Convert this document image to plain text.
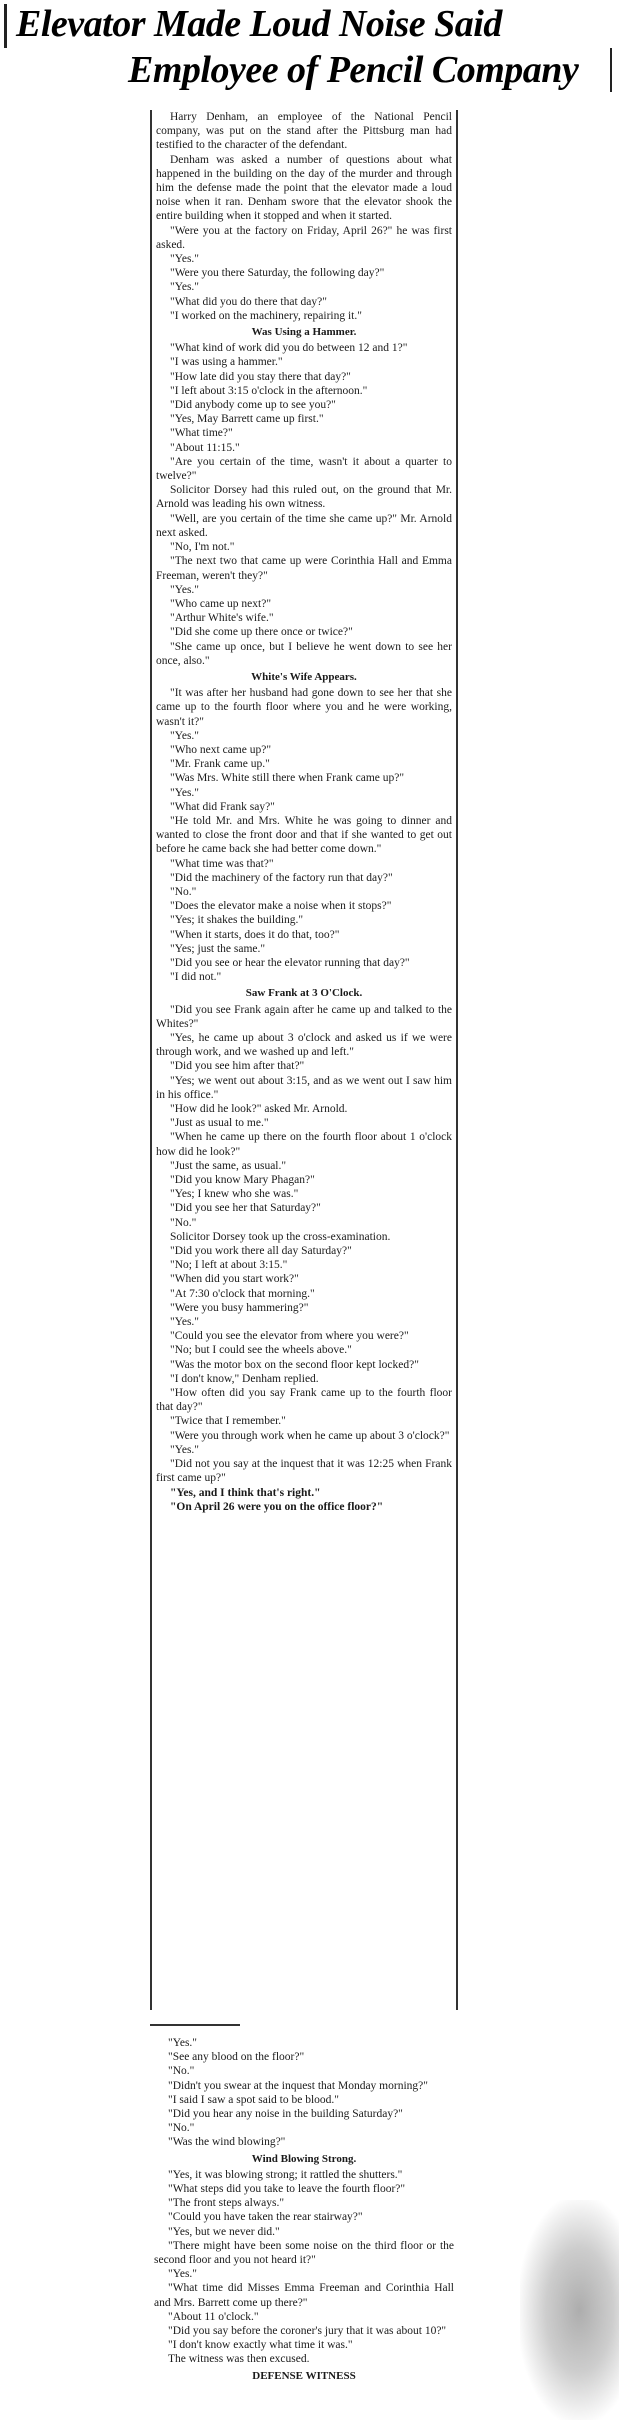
Elevator Made Loud Noise Said
Employee of Pencil Company

Harry Denham, an employee of the National Pencil company, was put on the stand after the Pittsburg man had testified to the character of the defendant.

Denham was asked a number of questions about what happened in the building on the day of the murder and through him the defense made the point that the elevator made a loud noise when it ran. Denham swore that the elevator shook the entire building when it stopped and when it started.

"Were you at the factory on Friday, April 26?" he was first asked.

"Yes."

"Were you there Saturday, the following day?"

"Yes."

"What did you do there that day?"

"I worked on the machinery, repairing it."

Was Using a Hammer.

"What kind of work did you do between 12 and 1?"

"I was using a hammer."

"How late did you stay there that day?"

"I left about 3:15 o'clock in the afternoon."

"Did anybody come up to see you?"

"Yes, May Barrett came up first."

"What time?"

"About 11:15."

"Are you certain of the time, wasn't it about a quarter to twelve?"

Solicitor Dorsey had this ruled out, on the ground that Mr. Arnold was leading his own witness.

"Well, are you certain of the time she came up?" Mr. Arnold next asked.

"No, I'm not."

"The next two that came up were Corinthia Hall and Emma Freeman, weren't they?"

"Yes."

"Who came up next?"

"Arthur White's wife."

"Did she come up there once or twice?"

"She came up once, but I believe he went down to see her once, also."

White's Wife Appears.

"It was after her husband had gone down to see her that she came up to the fourth floor where you and he were working, wasn't it?"

"Yes."

"Who next came up?"

"Mr. Frank came up."

"Was Mrs. White still there when Frank came up?"

"Yes."

"What did Frank say?"

"He told Mr. and Mrs. White he was going to dinner and wanted to close the front door and that if she wanted to get out before he came back she had better come down."

"What time was that?"

"Did the machinery of the factory run that day?"

"No."

"Does the elevator make a noise when it stops?"

"Yes; it shakes the building."

"When it starts, does it do that, too?"

"Yes; just the same."

"Did you see or hear the elevator running that day?"

"I did not."

Saw Frank at 3 O'Clock.

"Did you see Frank again after he came up and talked to the Whites?"

"Yes, he came up about 3 o'clock and asked us if we were through work, and we washed up and left."

"Did you see him after that?"

"Yes; we went out about 3:15, and as we went out I saw him in his office."

"How did he look?" asked Mr. Arnold.

"Just as usual to me."

"When he came up there on the fourth floor about 1 o'clock how did he look?"

"Just the same, as usual."

"Did you know Mary Phagan?"

"Yes; I knew who she was."

"Did you see her that Saturday?"

"No."

Solicitor Dorsey took up the cross-examination.

"Did you work there all day Saturday?"

"No; I left at about 3:15."

"When did you start work?"

"At 7:30 o'clock that morning."

"Were you busy hammering?"

"Yes."

"Could you see the elevator from where you were?"

"No; but I could see the wheels above."

"Was the motor box on the second floor kept locked?"

"I don't know," Denham replied.

"How often did you say Frank came up to the fourth floor that day?"

"Twice that I remember."

"Were you through work when he came up about 3 o'clock?"

"Yes."

"Did not you say at the inquest that it was 12:25 when Frank first came up?"

"Yes, and I think that's right."

"On April 26 were you on the office floor?"

"Yes."

"See any blood on the floor?"

"No."

"Didn't you swear at the inquest that Monday morning?"

"I said I saw a spot said to be blood."

"Did you hear any noise in the building Saturday?"

"No."

"Was the wind blowing?"

Wind Blowing Strong.

"Yes, it was blowing strong; it rattled the shutters."

"What steps did you take to leave the fourth floor?"

"The front steps always."

"Could you have taken the rear stairway?"

"Yes, but we never did."

"There might have been some noise on the third floor or the second floor and you not heard it?"

"Yes."

"What time did Misses Emma Freeman and Corinthia Hall and Mrs. Barrett come up there?"

"About 11 o'clock."

"Did you say before the coroner's jury that it was about 10?"

"I don't know exactly what time it was."

The witness was then excused.

DEFENSE WITNESS
